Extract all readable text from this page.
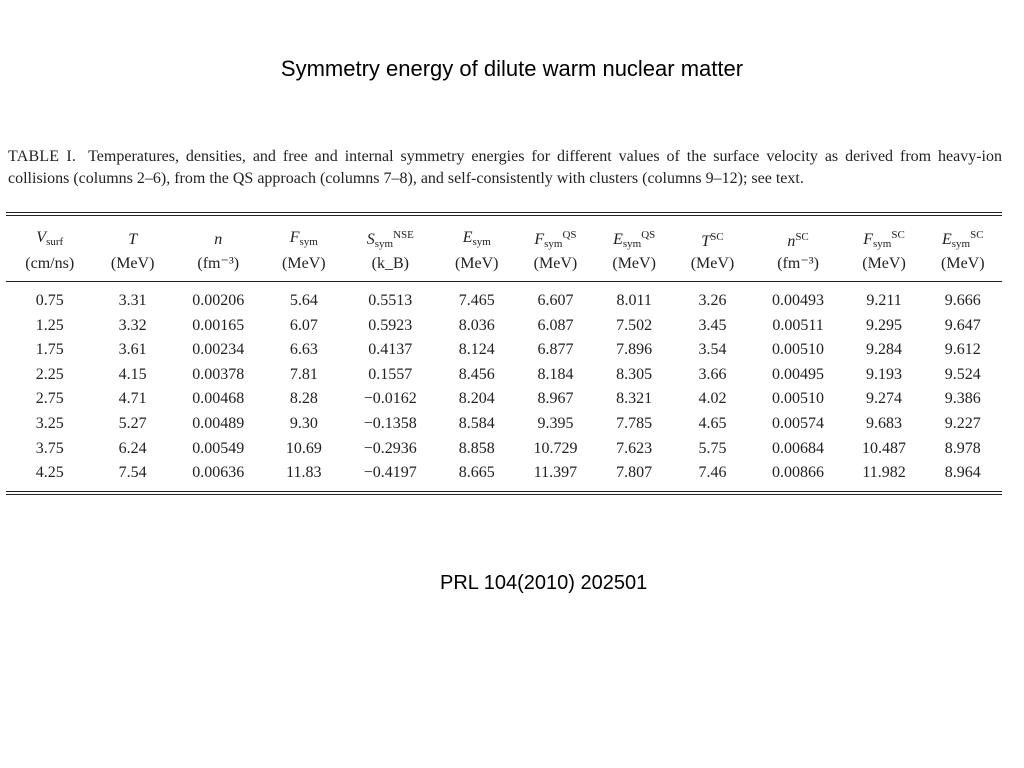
Symmetry energy of dilute warm nuclear matter
TABLE I. Temperatures, densities, and free and internal symmetry energies for different values of the surface velocity as derived from heavy-ion collisions (columns 2–6), from the QS approach (columns 7–8), and self-consistently with clusters (columns 9–12); see text.
$V_{surf}$	T	n	$F_{sym}$	$S_{sym}^{NSE}$	$E_{sym}$	$F_{sym}^{QS}$	$E_{sym}^{QS}$	$T^{SC}$	$n^{SC}$	$F_{sym}^{SC}$	$E_{sym}^{SC}$
(cm/ns)	(MeV)	(fm⁻³)	(MeV)	(k_B)	(MeV)	(MeV)	(MeV)	(MeV)	(fm⁻³)	(MeV)	(MeV)
0.75	3.31	0.00206	5.64	0.5513	7.465	6.607	8.011	3.26	0.00493	9.211	9.666
1.25	3.32	0.00165	6.07	0.5923	8.036	6.087	7.502	3.45	0.00511	9.295	9.647
1.75	3.61	0.00234	6.63	0.4137	8.124	6.877	7.896	3.54	0.00510	9.284	9.612
2.25	4.15	0.00378	7.81	0.1557	8.456	8.184	8.305	3.66	0.00495	9.193	9.524
2.75	4.71	0.00468	8.28	−0.0162	8.204	8.967	8.321	4.02	0.00510	9.274	9.386
3.25	5.27	0.00489	9.30	−0.1358	8.584	9.395	7.785	4.65	0.00574	9.683	9.227
3.75	6.24	0.00549	10.69	−0.2936	8.858	10.729	7.623	5.75	0.00684	10.487	8.978
4.25	7.54	0.00636	11.83	−0.4197	8.665	11.397	7.807	7.46	0.00866	11.982	8.964
PRL 104(2010) 202501
